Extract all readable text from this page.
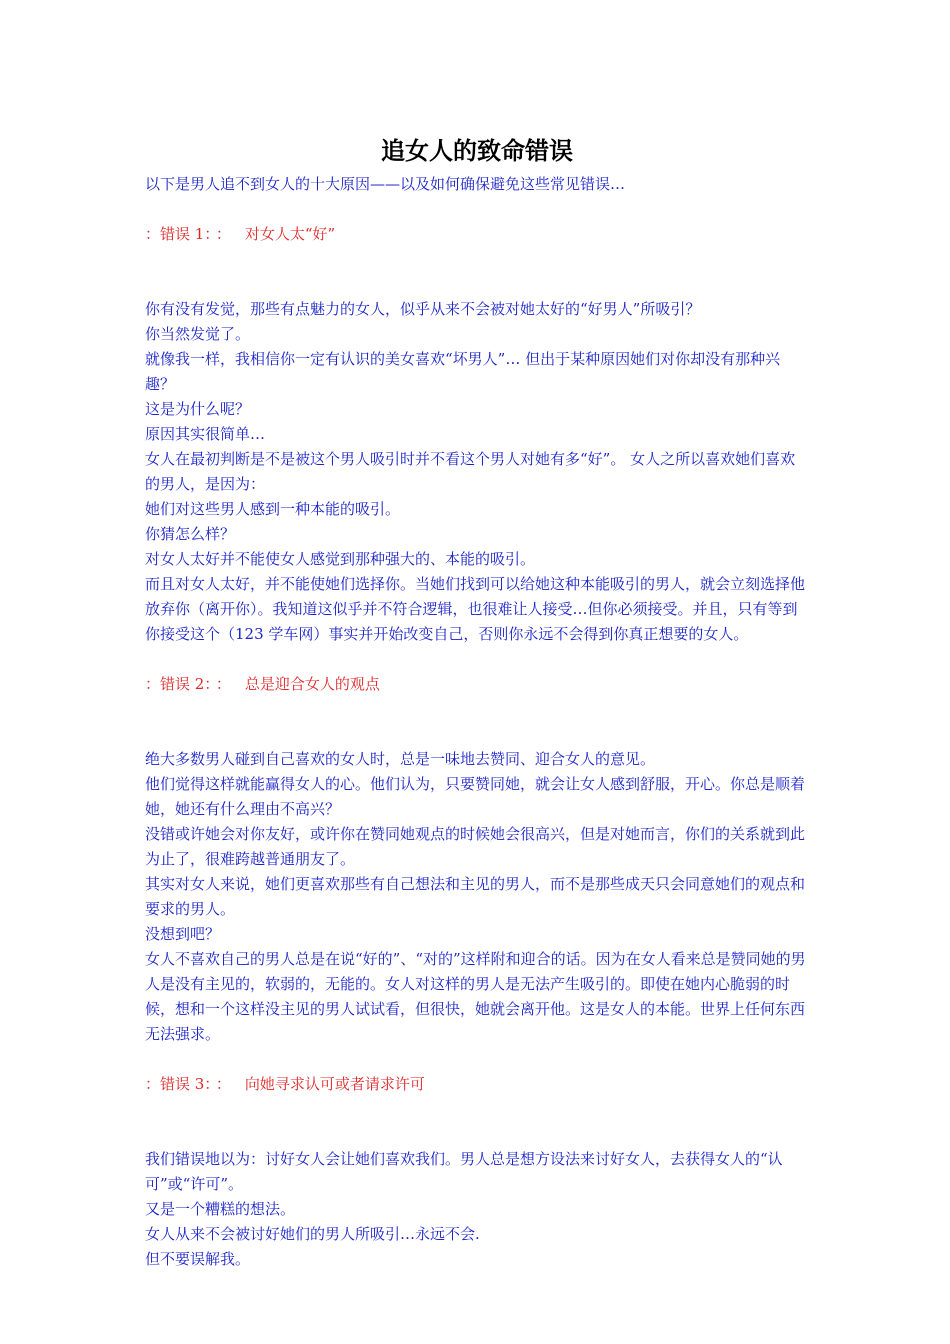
追女人的致命错误

以下是男人追不到女人的十大原因——以及如何确保避免这些常见错误…

：错误 1： ： 对女人太“好”

你有没有发觉，那些有点魅力的女人，似乎从来不会被对她太好的“好男人”所吸引？

你当然发觉了。

就像我一样，我相信你一定有认识的美女喜欢“坏男人”… 但出于某种原因她们对你却没有那种兴趣？

这是为什么呢？

原因其实很简单…

女人在最初判断是不是被这个男人吸引时并不看这个男人对她有多“好”。 女人之所以喜欢她们喜欢的男人，是因为：

她们对这些男人感到一种本能的吸引。

你猜怎么样？

对女人太好并不能使女人感觉到那种强大的、本能的吸引。

而且对女人太好，并不能使她们选择你。当她们找到可以给她这种本能吸引的男人，就会立刻选择他放弃你（离开你）。我知道这似乎并不符合逻辑，也很难让人接受…但你必须接受。并且，只有等到你接受这个（123 学车网）事实并开始改变自己，否则你永远不会得到你真正想要的女人。

：错误 2： ： 总是迎合女人的观点

绝大多数男人碰到自己喜欢的女人时，总是一味地去赞同、迎合女人的意见。

他们觉得这样就能赢得女人的心。他们认为，只要赞同她，就会让女人感到舒服，开心。你总是顺着她，她还有什么理由不高兴？

没错或许她会对你友好，或许你在赞同她观点的时候她会很高兴，但是对她而言，你们的关系就到此为止了，很难跨越普通朋友了。

其实对女人来说，她们更喜欢那些有自己想法和主见的男人，而不是那些成天只会同意她们的观点和要求的男人。

没想到吧？

女人不喜欢自己的男人总是在说“好的”、“对的”这样附和迎合的话。因为在女人看来总是赞同她的男人是没有主见的，软弱的，无能的。女人对这样的男人是无法产生吸引的。即使在她内心脆弱的时候，想和一个这样没主见的男人试试看，但很快，她就会离开他。这是女人的本能。世界上任何东西无法强求。

：错误 3： ： 向她寻求认可或者请求许可

我们错误地以为：讨好女人会让她们喜欢我们。男人总是想方设法来讨好女人，去获得女人的“认可”或“许可”。

又是一个糟糕的想法。

女人从来不会被讨好她们的男人所吸引…永远不会.

但不要误解我。
